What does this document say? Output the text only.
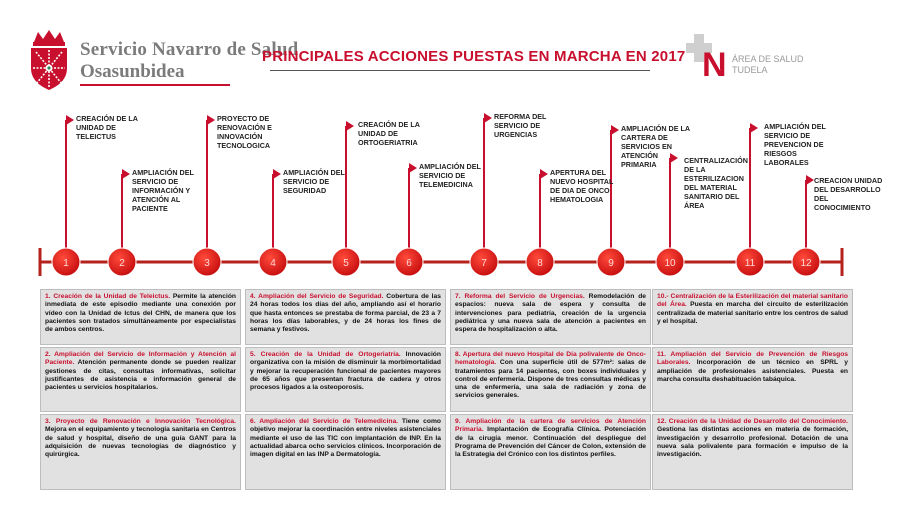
Servicio Navarro de Salud
Osasunbidea
PRINCIPALES ACCIONES PUESTAS EN MARCHA EN 2017 N ÁREA DE SALUD
TUDELA
1	2	3	4	5	6	7	8	9	10	11	12
CREACIÓN DE LA UNIDAD DE TELEICTUS
AMPLIACIÓN DEL SERVICIO DE INFORMACIÓN Y ATENCIÓN AL PACIENTE
PROYECTO DE RENOVACIÓN E INNOVACIÓN TECNOLOGICA
AMPLIACIÓN DEL SERVICIO DE SEGURIDAD
CREACIÓN DE LA UNIDAD DE ORTOGERIATRIA
AMPLIACIÓN DEL SERVICIO DE TELEMEDICINA
REFORMA DEL SERVICIO DE URGENCIAS
APERTURA DEL NUEVO HOSPITAL DE DIA DE ONCO HEMATOLOGIA
AMPLIACIÓN DE LA CARTERA DE SERVICIOS EN ATENCIÓN PRIMARIA	CENTRALIZACIÓN DE LA ESTERILIZACION DEL MATERIAL SANITARIO DEL ÁREA
AMPLIACIÓN DEL SERVICIO DE PREVENCION DE RIESGOS LABORALES
CREACION UNIDAD DEL DESARROLLO DEL CONOCIMIENTO
1. Creación de la Unidad de Teleictus. Permite la atención inmediata de este episodio mediante una conexión por vídeo con la Unidad de Ictus del CHN, de manera que los pacientes son tratados simultáneamente por especialistas de ambos centros.
2. Ampliación del Servicio de Información y Atención al Paciente. Atención permanente donde se pueden realizar gestiones de citas, consultas informativas, solicitar justificantes de asistencia e información general de pacientes u servicios hospitalarios.
3. Proyecto de Renovación e Innovación Tecnológica. Mejora en el equipamiento y tecnología sanitaria en Centros de salud y hospital, diseño de una guía GANT para la adquisición de nuevas tecnologías de diagnóstico y quirúrgica.
4. Ampliación del Servicio de Seguridad. Cobertura de las 24 horas todos los días del año, ampliando así el horario que hasta entonces se prestaba de forma parcial, de 23 a 7 horas los días laborables, y de 24 horas los fines de semana y festivos.
5. Creación de la Unidad de Ortogeriatría. Innovación organizativa con la misión de disminuir la morbimortalidad y mejorar la recuperación funcional de pacientes mayores de 65 años que presentan fractura de cadera y otros procesos ligados a la osteoporosis.
6. Ampliación del Servicio de Telemedicina. Tiene como objetivo mejorar la coordinación entre niveles asistenciales mediante el uso de las TIC con implantación de INP. En la actualidad abarca ocho servicios clínicos. Incorporación de imagen digital en las INP a Dermatología.
7. Reforma del Servicio de Urgencias. Remodelación de espacios: nueva sala de espera y consulta de intervenciones para pediatría, creación de la urgencia pediátrica y una nueva sala de atención a pacientes en espera de hospitalización o alta.
8. Apertura del nuevo Hospital de Día polivalente de Onco-hematología. Con una superficie útil de 577m²: salas de tratamientos para 14 pacientes, con boxes individuales y control de enfermería. Dispone de tres consultas médicas y una de enfermería, una sala de radiación y zona de servicios generales.
9. Ampliación de la cartera de servicios de Atención Primaria. Implantación de Ecografía Clínica. Potenciación de la cirugía menor. Continuación del despliegue del Programa de Prevención del Cáncer de Colon, extensión de la Estrategia del Crónico con los distintos perfiles.
10.- Centralización de la Esterilización del material sanitario del Área. Puesta en marcha del circuito de esterilización centralizada de material sanitario entre los centros de salud y el hospital.
11. Ampliación del Servicio de Prevención de Riesgos Laborales. Incorporación de un técnico en SPRL y ampliación de profesionales asistenciales. Puesta en marcha consulta deshabituación tabáquica.
12. Creación de la Unidad de Desarrollo del Conocimiento. Gestiona las distintas acciones en materia de formación, investigación y desarrollo profesional. Dotación de una nueva sala polivalente para formación e impulso de la investigación.
